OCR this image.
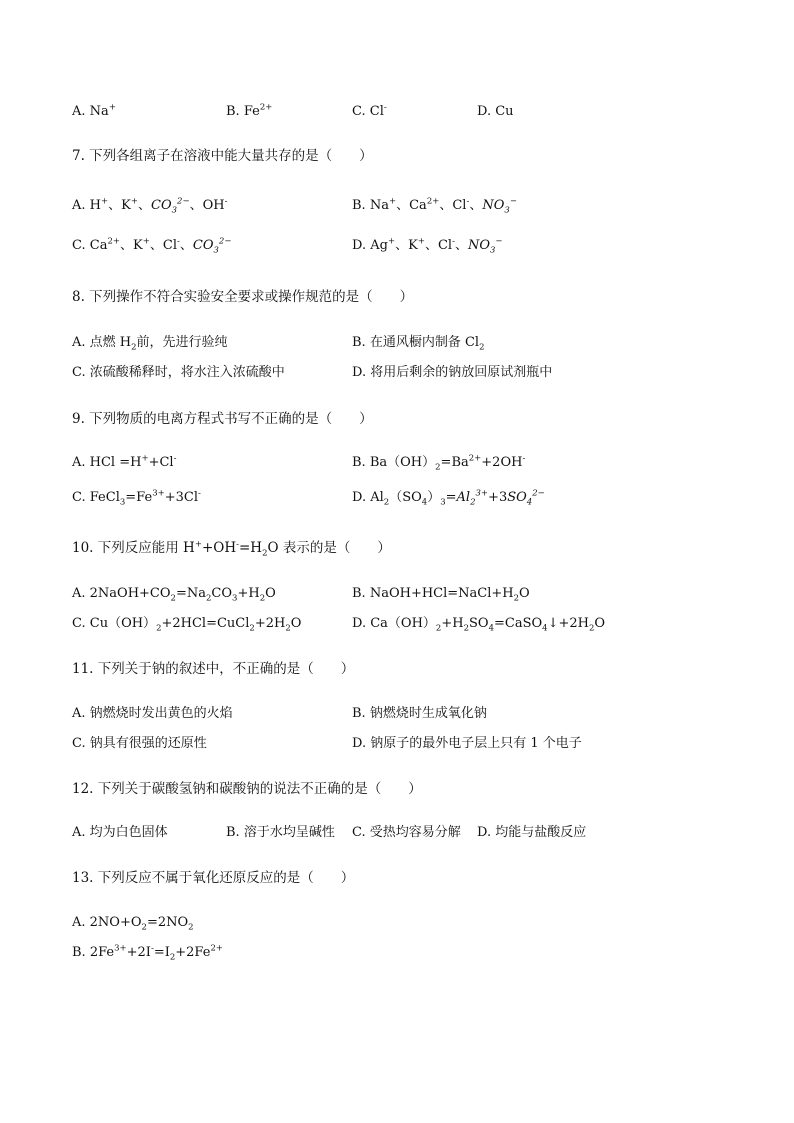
A. Na+	B. $Fe^{2+}$	C. Cl-	D. Cu
7. 下列各组离子在溶液中能大量共存的是（　　）
A. H+、K+、$CO_3^{2-}$、OH-	B. Na+、$Ca^{2+}$、Cl-、$NO_3^-$
C. $Ca^{2+}$、K+、Cl-、$CO_3^{2-}$	D. Ag+、K+、Cl-、$NO_3^-$
8. 下列操作不符合实验安全要求或操作规范的是（　　）
A. 点燃 $H_2$前，先进行验纯	B. 在通风橱内制备 $Cl_2$
C. 浓硫酸稀释时，将水注入浓硫酸中	D. 将用后剩余的钠放回原试剂瓶中
9. 下列物质的电离方程式书写不正确的是（　　）
A. HCl =H++Cl-	B. $Ba(OH)_2=Ba^{2+}+2OH^-$
C. $FeCl_3=Fe^{3+}+3Cl^-$	D. $Al_2(SO_4)_3=Al_2^{3+}+3SO_4^{2-}$
10. 下列反应能用 $H^++OH^-=H_2O$ 表示的是（　　）
A. $2NaOH+CO_2=Na_2CO_3+H_2O$	B. $NaOH+HCl=NaCl+H_2O$
C. $Cu(OH)_2+2HCl=CuCl_2+2H_2O$	D. $Ca(OH)_2+H_2SO_4=CaSO_4↓+2H_2O$
11. 下列关于钠的叙述中，不正确的是（　　）
A. 钠燃烧时发出黄色的火焰	B. 钠燃烧时生成氧化钠
C. 钠具有很强的还原性	D. 钠原子的最外电子层上只有 1 个电子
12. 下列关于碳酸氢钠和碳酸钠的说法不正确的是（　　）
A. 均为白色固体	B. 溶于水均呈碱性 C. 受热均容易分解 D. 均能与盐酸反应
13. 下列反应不属于氧化还原反应的是（　　）
A. $2NO+O_2=2NO_2$
B. $2Fe^{3+}+2I^-=I_2+2Fe^{2+}$
